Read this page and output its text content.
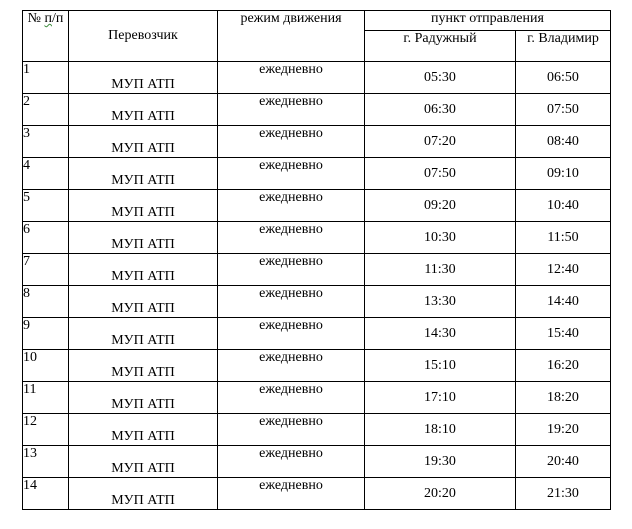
№ п/п	Перевозчик	режим движения	пункт отправления	
			г. Радужный	г. Владимир
1	МУП АТП	ежедневно	05:30	06:50
2	МУП АТП	ежедневно	06:30	07:50
3	МУП АТП	ежедневно	07:20	08:40
4	МУП АТП	ежедневно	07:50	09:10
5	МУП АТП	ежедневно	09:20	10:40
6	МУП АТП	ежедневно	10:30	11:50
7	МУП АТП	ежедневно	11:30	12:40
8	МУП АТП	ежедневно	13:30	14:40
9	МУП АТП	ежедневно	14:30	15:40
10	МУП АТП	ежедневно	15:10	16:20
11	МУП АТП	ежедневно	17:10	18:20
12	МУП АТП	ежедневно	18:10	19:20
13	МУП АТП	ежедневно	19:30	20:40
14	МУП АТП	ежедневно	20:20	21:30
